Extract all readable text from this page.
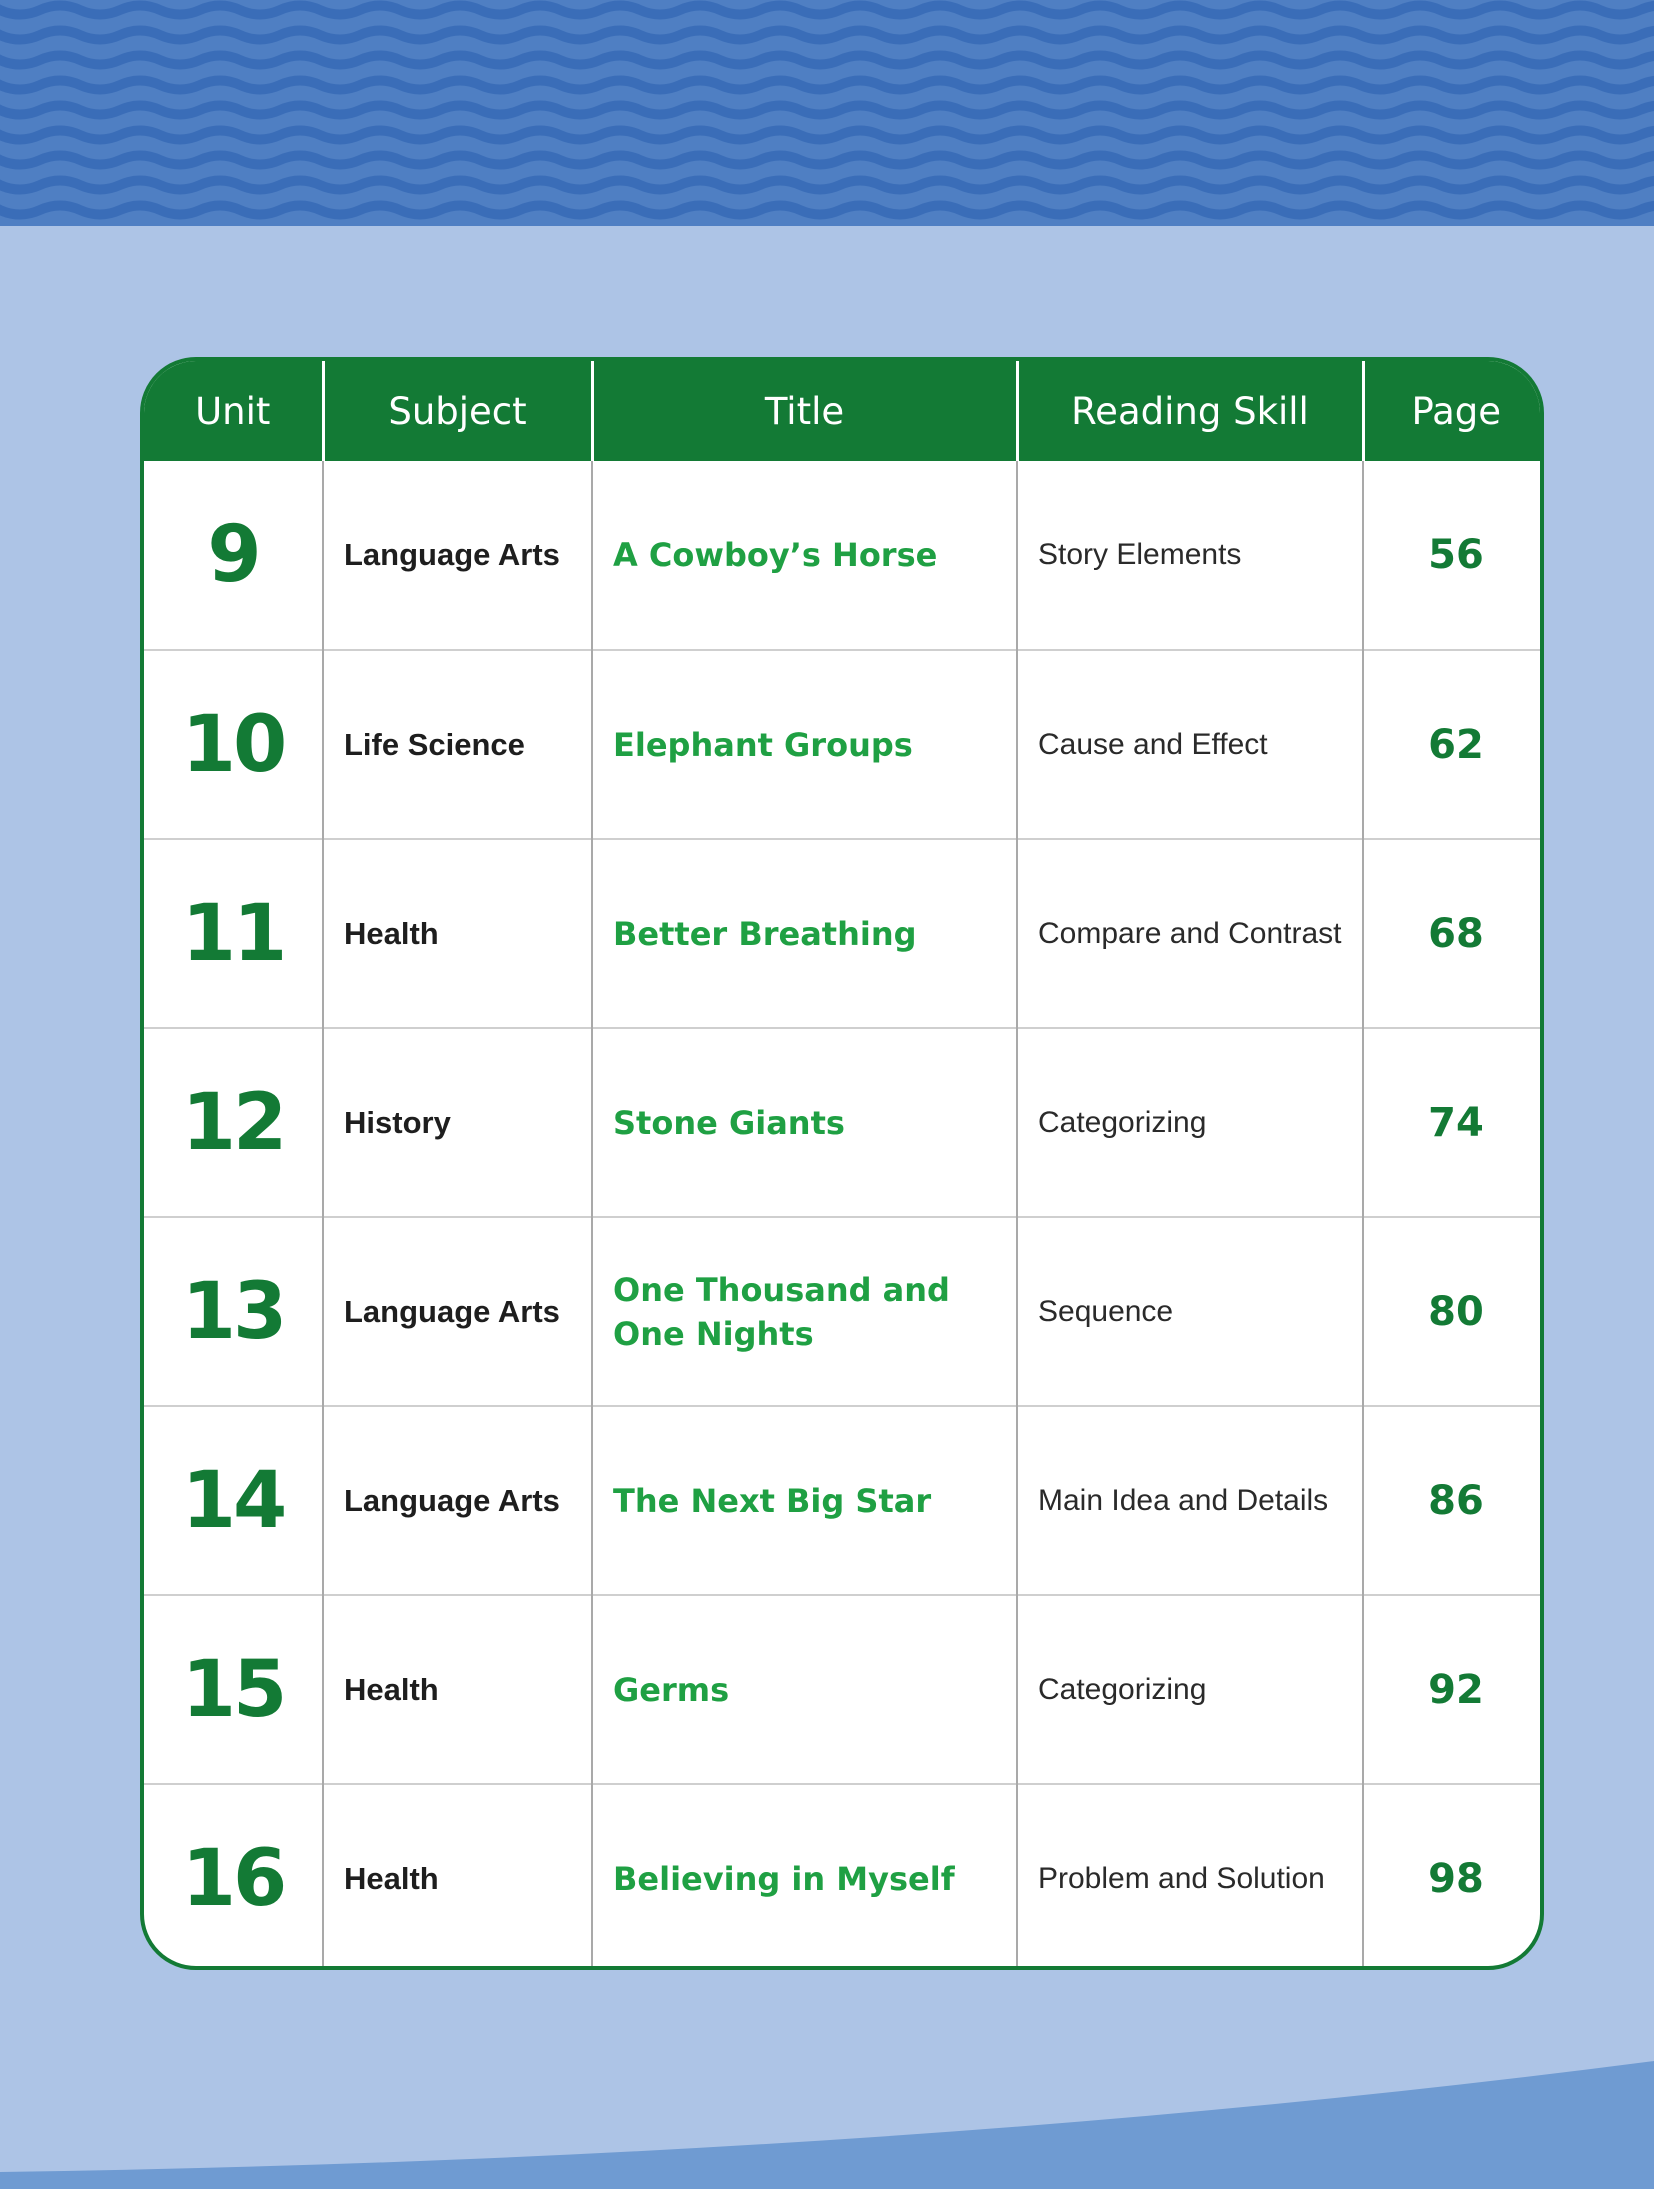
Unit	Subject	Title	Reading Skill	Page
9	Language Arts	A Cowboy’s Horse	Story Elements	56
10	Life Science	Elephant Groups	Cause and Effect	62
11	Health	Better Breathing	Compare and Contrast	68
12	History	Stone Giants	Categorizing	74
13	Language Arts	One Thousand and One Nights	Sequence	80
14	Language Arts	The Next Big Star	Main Idea and Details	86
15	Health	Germs	Categorizing	92
16	Health	Believing in Myself	Problem and Solution	98
